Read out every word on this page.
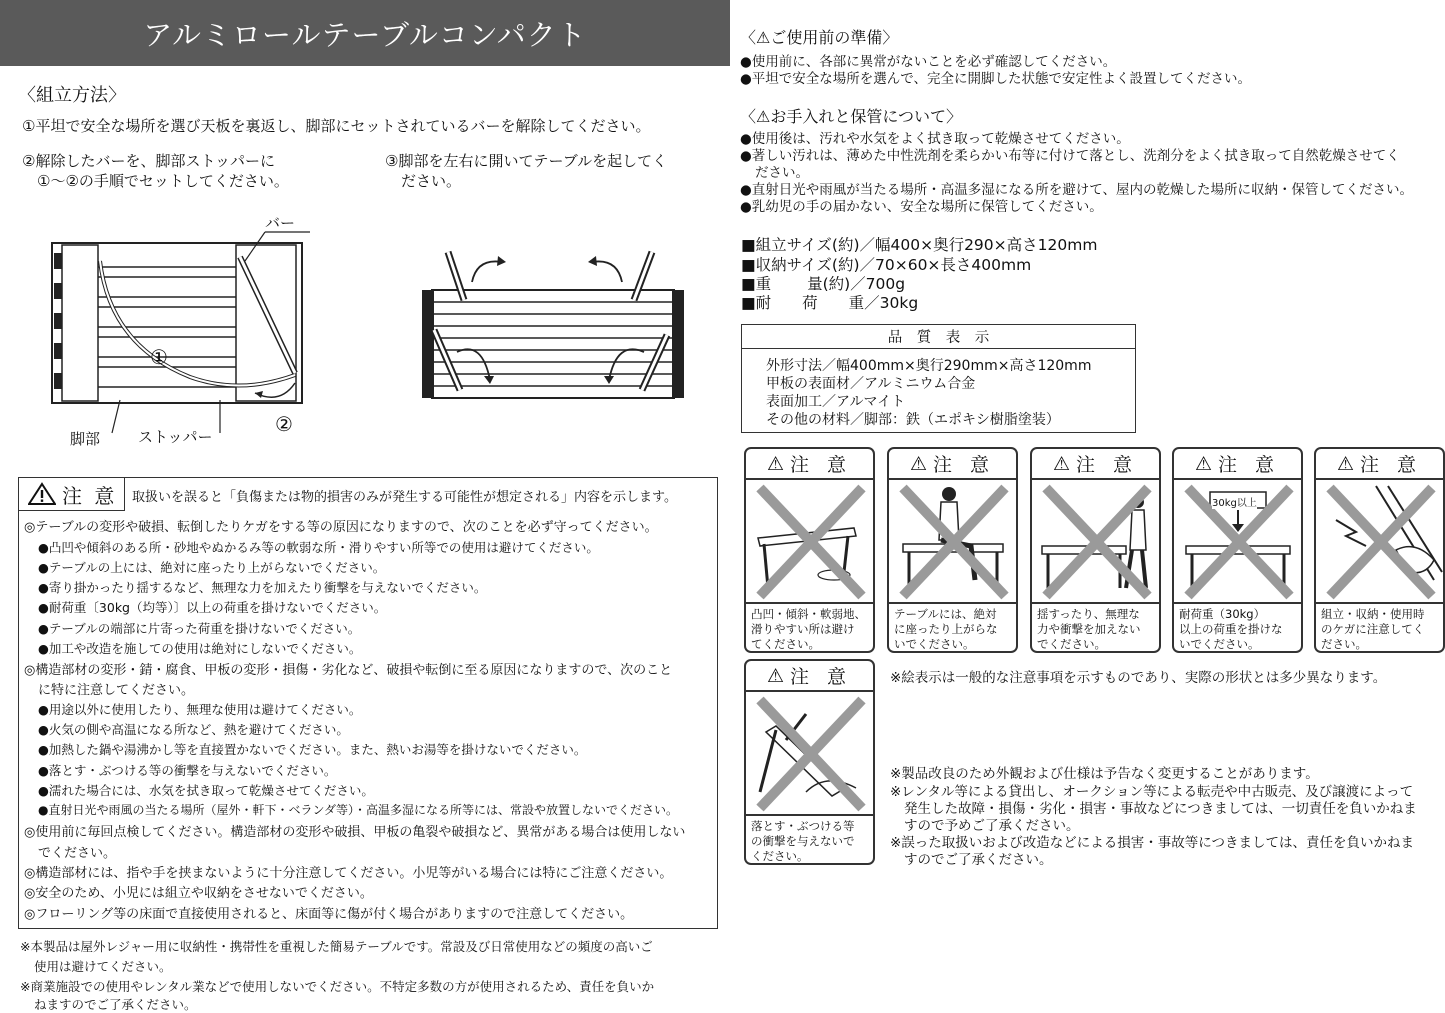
アルミロールテーブルコンパクト
〈組立方法〉
①平坦で安全な場所を選び天板を裏返し、脚部にセットされているバーを解除してください。
②解除したバーを、脚部ストッパーに
①〜②の手順でセットしてください。
③脚部を左右に開いてテーブルを起してく
ださい。
バー
①
②
脚部	ストッパー
注 意 取扱いを誤ると「負傷または物的損害のみが発生する可能性が想定される」内容を示します。
◎テーブルの変形や破損、転倒したりケガをする等の原因になりますので、次のことを必ず守ってください。
●凸凹や傾斜のある所・砂地やぬかるみ等の軟弱な所・滑りやすい所等での使用は避けてください。
●テーブルの上には、絶対に座ったり上がらないでください。
●寄り掛かったり揺するなど、無理な力を加えたり衝撃を与えないでください。
●耐荷重〔30kg（均等）〕以上の荷重を掛けないでください。
●テーブルの端部に片寄った荷重を掛けないでください。
●加工や改造を施しての使用は絶対にしないでください。
◎構造部材の変形・錆・腐食、甲板の変形・損傷・劣化など、破損や転倒に至る原因になりますので、次のこと
に特に注意してください。
●用途以外に使用したり、無理な使用は避けてください。
●火気の側や高温になる所など、熱を避けてください。
●加熱した鍋や湯沸かし等を直接置かないでください。また、熱いお湯等を掛けないでください。
●落とす・ぶつける等の衝撃を与えないでください。
●濡れた場合には、水気を拭き取って乾燥させてください。
●直射日光や雨風の当たる場所（屋外・軒下・ベランダ等）・高温多湿になる所等には、常設や放置しないでください。
◎使用前に毎回点検してください。構造部材の変形や破損、甲板の亀裂や破損など、異常がある場合は使用しない
でください。
◎構造部材には、指や手を挟まないように十分注意してください。小児等がいる場合には特にご注意ください。
◎安全のため、小児には組立や収納をさせないでください。
◎フローリング等の床面で直接使用されると、床面等に傷が付く場合がありますので注意してください。
※本製品は屋外レジャー用に収納性・携帯性を重視した簡易テーブルです。常設及び日常使用などの頻度の高いご
使用は避けてください。
※商業施設での使用やレンタル業などで使用しないでください。不特定多数の方が使用されるため、責任を負いか
ねますのでご了承ください。
〈⚠ご使用前の準備〉
●使用前に、各部に異常がないことを必ず確認してください。
●平坦で安全な場所を選んで、完全に開脚した状態で安定性よく設置してください。
〈⚠お手入れと保管について〉
●使用後は、汚れや水気をよく拭き取って乾燥させてください。
●著しい汚れは、薄めた中性洗剤を柔らかい布等に付けて落とし、洗剤分をよく拭き取って自然乾燥させてく
ださい。
●直射日光や雨風が当たる場所・高温多湿になる所を避けて、屋内の乾燥した場所に収納・保管してください。
●乳幼児の手の届かない、安全な場所に保管してください。
■組立サイズ(約)／幅400×奥行290×高さ120mm
■収納サイズ(約)／70×60×長さ400mm
■重　　 量(約)／700g
■耐　　荷　　重／30kg
品　質　表　示
外形寸法／幅400mm×奥行290mm×高さ120mm
甲板の表面材／アルミニウム合金
表面加工／アルマイト
その他の材料／脚部：鉄（エポキシ樹脂塗装）
⚠ 注 意
凸凹・傾斜・軟弱地、
滑りやすい所は避け
てください。
⚠ 注 意
テーブルには、絶対
に座ったり上がらな
いでください。
⚠ 注 意
揺すったり、無理な
力や衝撃を加えない
でください。
⚠ 注 意
30kg以上
耐荷重（30kg）
以上の荷重を掛けな
いでください。
⚠ 注 意
組立・収納・使用時
のケガに注意してく
ださい。
⚠ 注 意
落とす・ぶつける等
の衝撃を与えないで
ください。
※絵表示は一般的な注意事項を示すものであり、実際の形状とは多少異なります。
※製品改良のため外観および仕様は予告なく変更することがあります。
※レンタル等による貸出し、オークション等による転売や中古販売、及び譲渡によって
発生した故障・損傷・劣化・損害・事故などにつきましては、一切責任を負いかねま
すので予めご了承ください。
※誤った取扱いおよび改造などによる損害・事故等につきましては、責任を負いかねま
すのでご了承ください。
